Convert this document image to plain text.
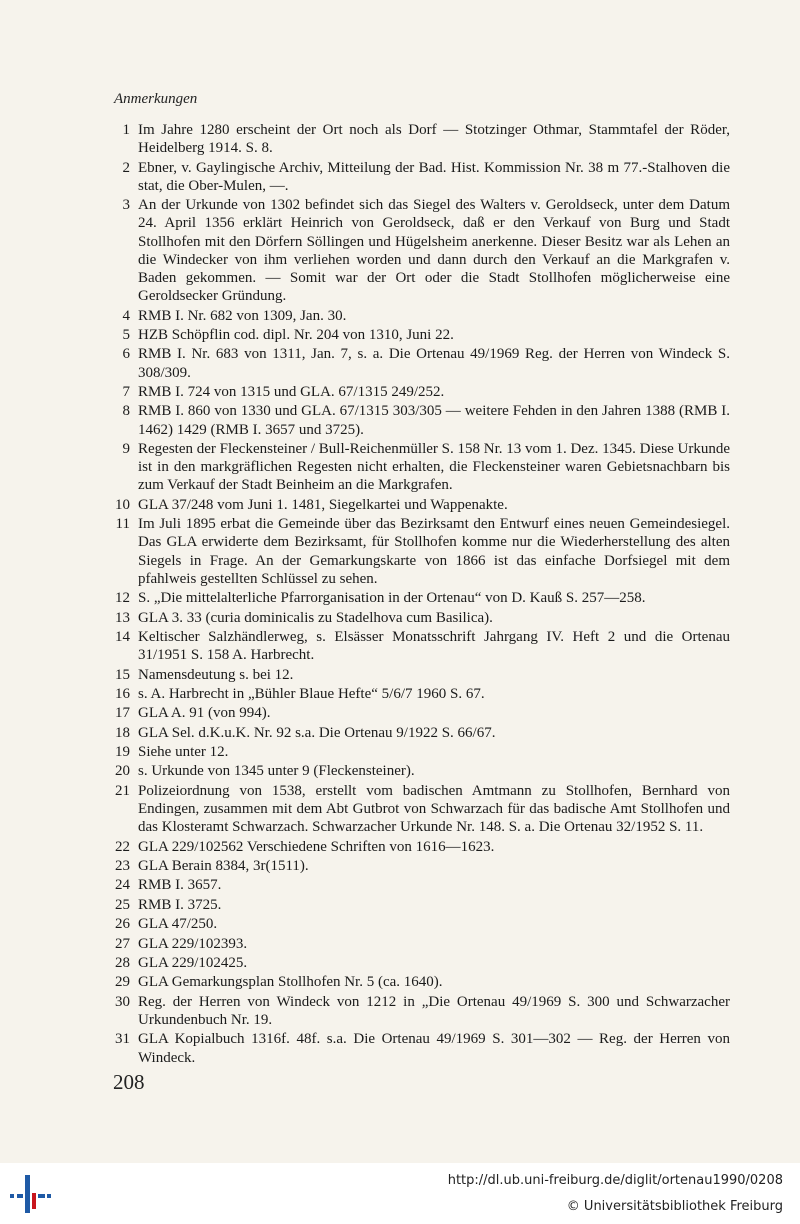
Anmerkungen
1 Im Jahre 1280 erscheint der Ort noch als Dorf — Stotzinger Othmar, Stammtafel der Röder, Heidelberg 1914. S. 8.
2 Ebner, v. Gaylingische Archiv, Mitteilung der Bad. Hist. Kommission Nr. 38 m 77.-Stalhoven die stat, die Ober-Mulen, —.
3 An der Urkunde von 1302 befindet sich das Siegel des Walters v. Geroldseck, unter dem Datum 24. April 1356 erklärt Heinrich von Geroldseck, daß er den Verkauf von Burg und Stadt Stollhofen mit den Dörfern Söllingen und Hügelsheim anerkenne. Dieser Besitz war als Lehen an die Windecker von ihm verliehen worden und dann durch den Verkauf an die Markgrafen v. Baden gekommen. — Somit war der Ort oder die Stadt Stollhofen möglicherweise eine Geroldsecker Gründung.
4 RMB I. Nr. 682 von 1309, Jan. 30.
5 HZB Schöpflin cod. dipl. Nr. 204 von 1310, Juni 22.
6 RMB I. Nr. 683 von 1311, Jan. 7, s. a. Die Ortenau 49/1969 Reg. der Herren von Windeck S. 308/309.
7 RMB I. 724 von 1315 und GLA. 67/1315 249/252.
8 RMB I. 860 von 1330 und GLA. 67/1315 303/305 — weitere Fehden in den Jahren 1388 (RMB I. 1462) 1429 (RMB I. 3657 und 3725).
9 Regesten der Fleckensteiner / Bull-Reichenmüller S. 158 Nr. 13 vom 1. Dez. 1345. Diese Urkunde ist in den markgräflichen Regesten nicht erhalten, die Fleckensteiner waren Gebietsnachbarn bis zum Verkauf der Stadt Beinheim an die Markgrafen.
10 GLA 37/248 vom Juni 1. 1481, Siegelkartei und Wappenakte.
11 Im Juli 1895 erbat die Gemeinde über das Bezirksamt den Entwurf eines neuen Gemeindesiegel. Das GLA erwiderte dem Bezirksamt, für Stollhofen komme nur die Wiederherstellung des alten Siegels in Frage. An der Gemarkungskarte von 1866 ist das einfache Dorfsiegel mit dem pfahlweis gestellten Schlüssel zu sehen.
12 S. „Die mittelalterliche Pfarrorganisation in der Ortenau“ von D. Kauß S. 257—258.
13 GLA 3. 33 (curia dominicalis zu Stadelhova cum Basilica).
14 Keltischer Salzhändlerweg, s. Elsässer Monatsschrift Jahrgang IV. Heft 2 und die Ortenau 31/1951 S. 158 A. Harbrecht.
15 Namensdeutung s. bei 12.
16 s. A. Harbrecht in „Bühler Blaue Hefte“ 5/6/7 1960 S. 67.
17 GLA A. 91 (von 994).
18 GLA Sel. d.K.u.K. Nr. 92 s.a. Die Ortenau 9/1922 S. 66/67.
19 Siehe unter 12.
20 s. Urkunde von 1345 unter 9 (Fleckensteiner).
21 Polizeiordnung von 1538, erstellt vom badischen Amtmann zu Stollhofen, Bernhard von Endingen, zusammen mit dem Abt Gutbrot von Schwarzach für das badische Amt Stollhofen und das Klosteramt Schwarzach. Schwarzacher Urkunde Nr. 148. S. a. Die Ortenau 32/1952 S. 11.
22 GLA 229/102562 Verschiedene Schriften von 1616—1623.
23 GLA Berain 8384, 3r(1511).
24 RMB I. 3657.
25 RMB I. 3725.
26 GLA 47/250.
27 GLA 229/102393.
28 GLA 229/102425.
29 GLA Gemarkungsplan Stollhofen Nr. 5 (ca. 1640).
30 Reg. der Herren von Windeck von 1212 in „Die Ortenau 49/1969 S. 300 und Schwarzacher Urkundenbuch Nr. 19.
31 GLA Kopialbuch 1316f. 48f. s.a. Die Ortenau 49/1969 S. 301—302 — Reg. der Herren von Windeck.
208
http://dl.ub.uni-freiburg.de/diglit/ortenau1990/0208
© Universitätsbibliothek Freiburg
